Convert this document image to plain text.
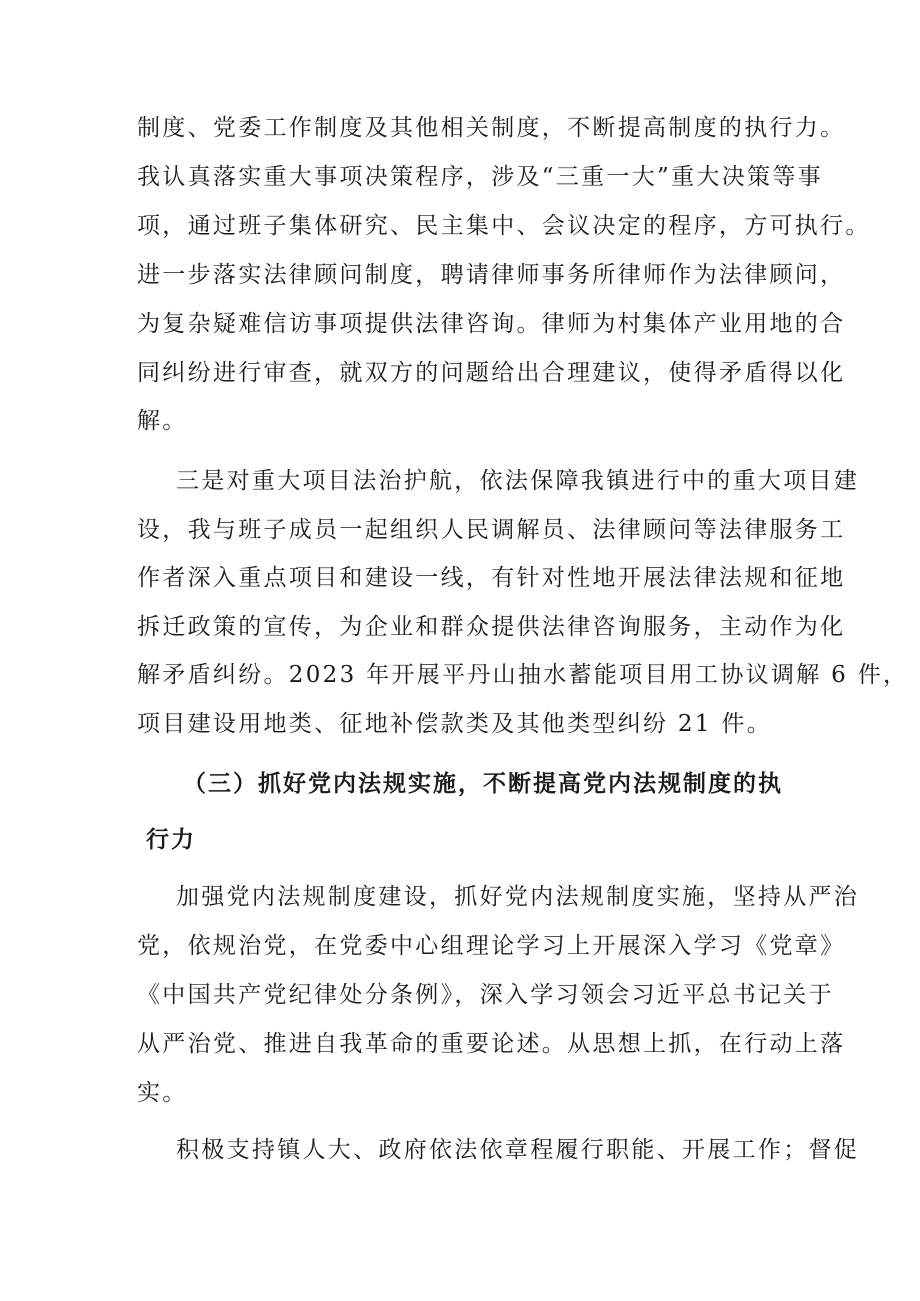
制度、党委工作制度及其他相关制度，不断提高制度的执行力。
我认真落实重大事项决策程序，涉及“三重一大”重大决策等事
项，通过班子集体研究、民主集中、会议决定的程序，方可执行。
进一步落实法律顾问制度，聘请律师事务所律师作为法律顾问，
为复杂疑难信访事项提供法律咨询。律师为村集体产业用地的合
同纠纷进行审查，就双方的问题给出合理建议，使得矛盾得以化
解。
三是对重大项目法治护航，依法保障我镇进行中的重大项目建
设，我与班子成员一起组织人民调解员、法律顾问等法律服务工
作者深入重点项目和建设一线，有针对性地开展法律法规和征地
拆迁政策的宣传，为企业和群众提供法律咨询服务，主动作为化
解矛盾纠纷。2023 年开展平丹山抽水蓄能项目用工协议调解 6 件，
项目建设用地类、征地补偿款类及其他类型纠纷 21 件。
（三）抓好党内法规实施，不断提高党内法规制度的执
行力
加强党内法规制度建设，抓好党内法规制度实施，坚持从严治
党，依规治党，在党委中心组理论学习上开展深入学习《党章》
《中国共产党纪律处分条例》，深入学习领会习近平总书记关于
从严治党、推进自我革命的重要论述。从思想上抓，在行动上落
实。
积极支持镇人大、政府依法依章程履行职能、开展工作；督促
